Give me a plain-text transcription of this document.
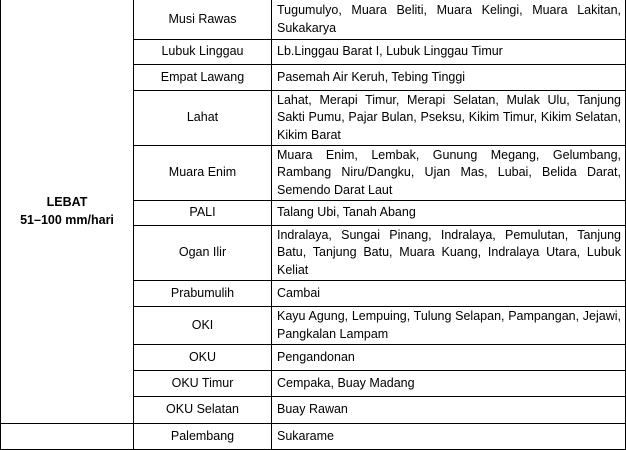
LEBAT
51–100 mm/hari	Musi Rawas	Tugumulyo, Muara Beliti, Muara Kelingi, Muara Lakitan, Sukakarya
	Lubuk Linggau	Lb.Linggau Barat I, Lubuk Linggau Timur
	Empat Lawang	Pasemah Air Keruh, Tebing Tinggi
	Lahat	Lahat, Merapi Timur, Merapi Selatan, Mulak Ulu, Tanjung Sakti Pumu, Pajar Bulan, Pseksu, Kikim Timur, Kikim Selatan, Kikim Barat
	Muara Enim	Muara Enim, Lembak, Gunung Megang, Gelumbang, Rambang Niru/Dangku, Ujan Mas, Lubai, Belida Darat, Semendo Darat Laut
	PALI	Talang Ubi, Tanah Abang
	Ogan Ilir	Indralaya, Sungai Pinang, Indralaya, Pemulutan, Tanjung Batu, Tanjung Batu, Muara Kuang, Indralaya Utara, Lubuk Keliat
	Prabumulih	Cambai
	OKI	Kayu Agung, Lempuing, Tulung Selapan, Pampangan, Jejawi, Pangkalan Lampam
	OKU	Pengandonan
	OKU Timur	Cempaka, Buay Madang
	OKU Selatan	Buay Rawan
	Palembang	Sukarame
